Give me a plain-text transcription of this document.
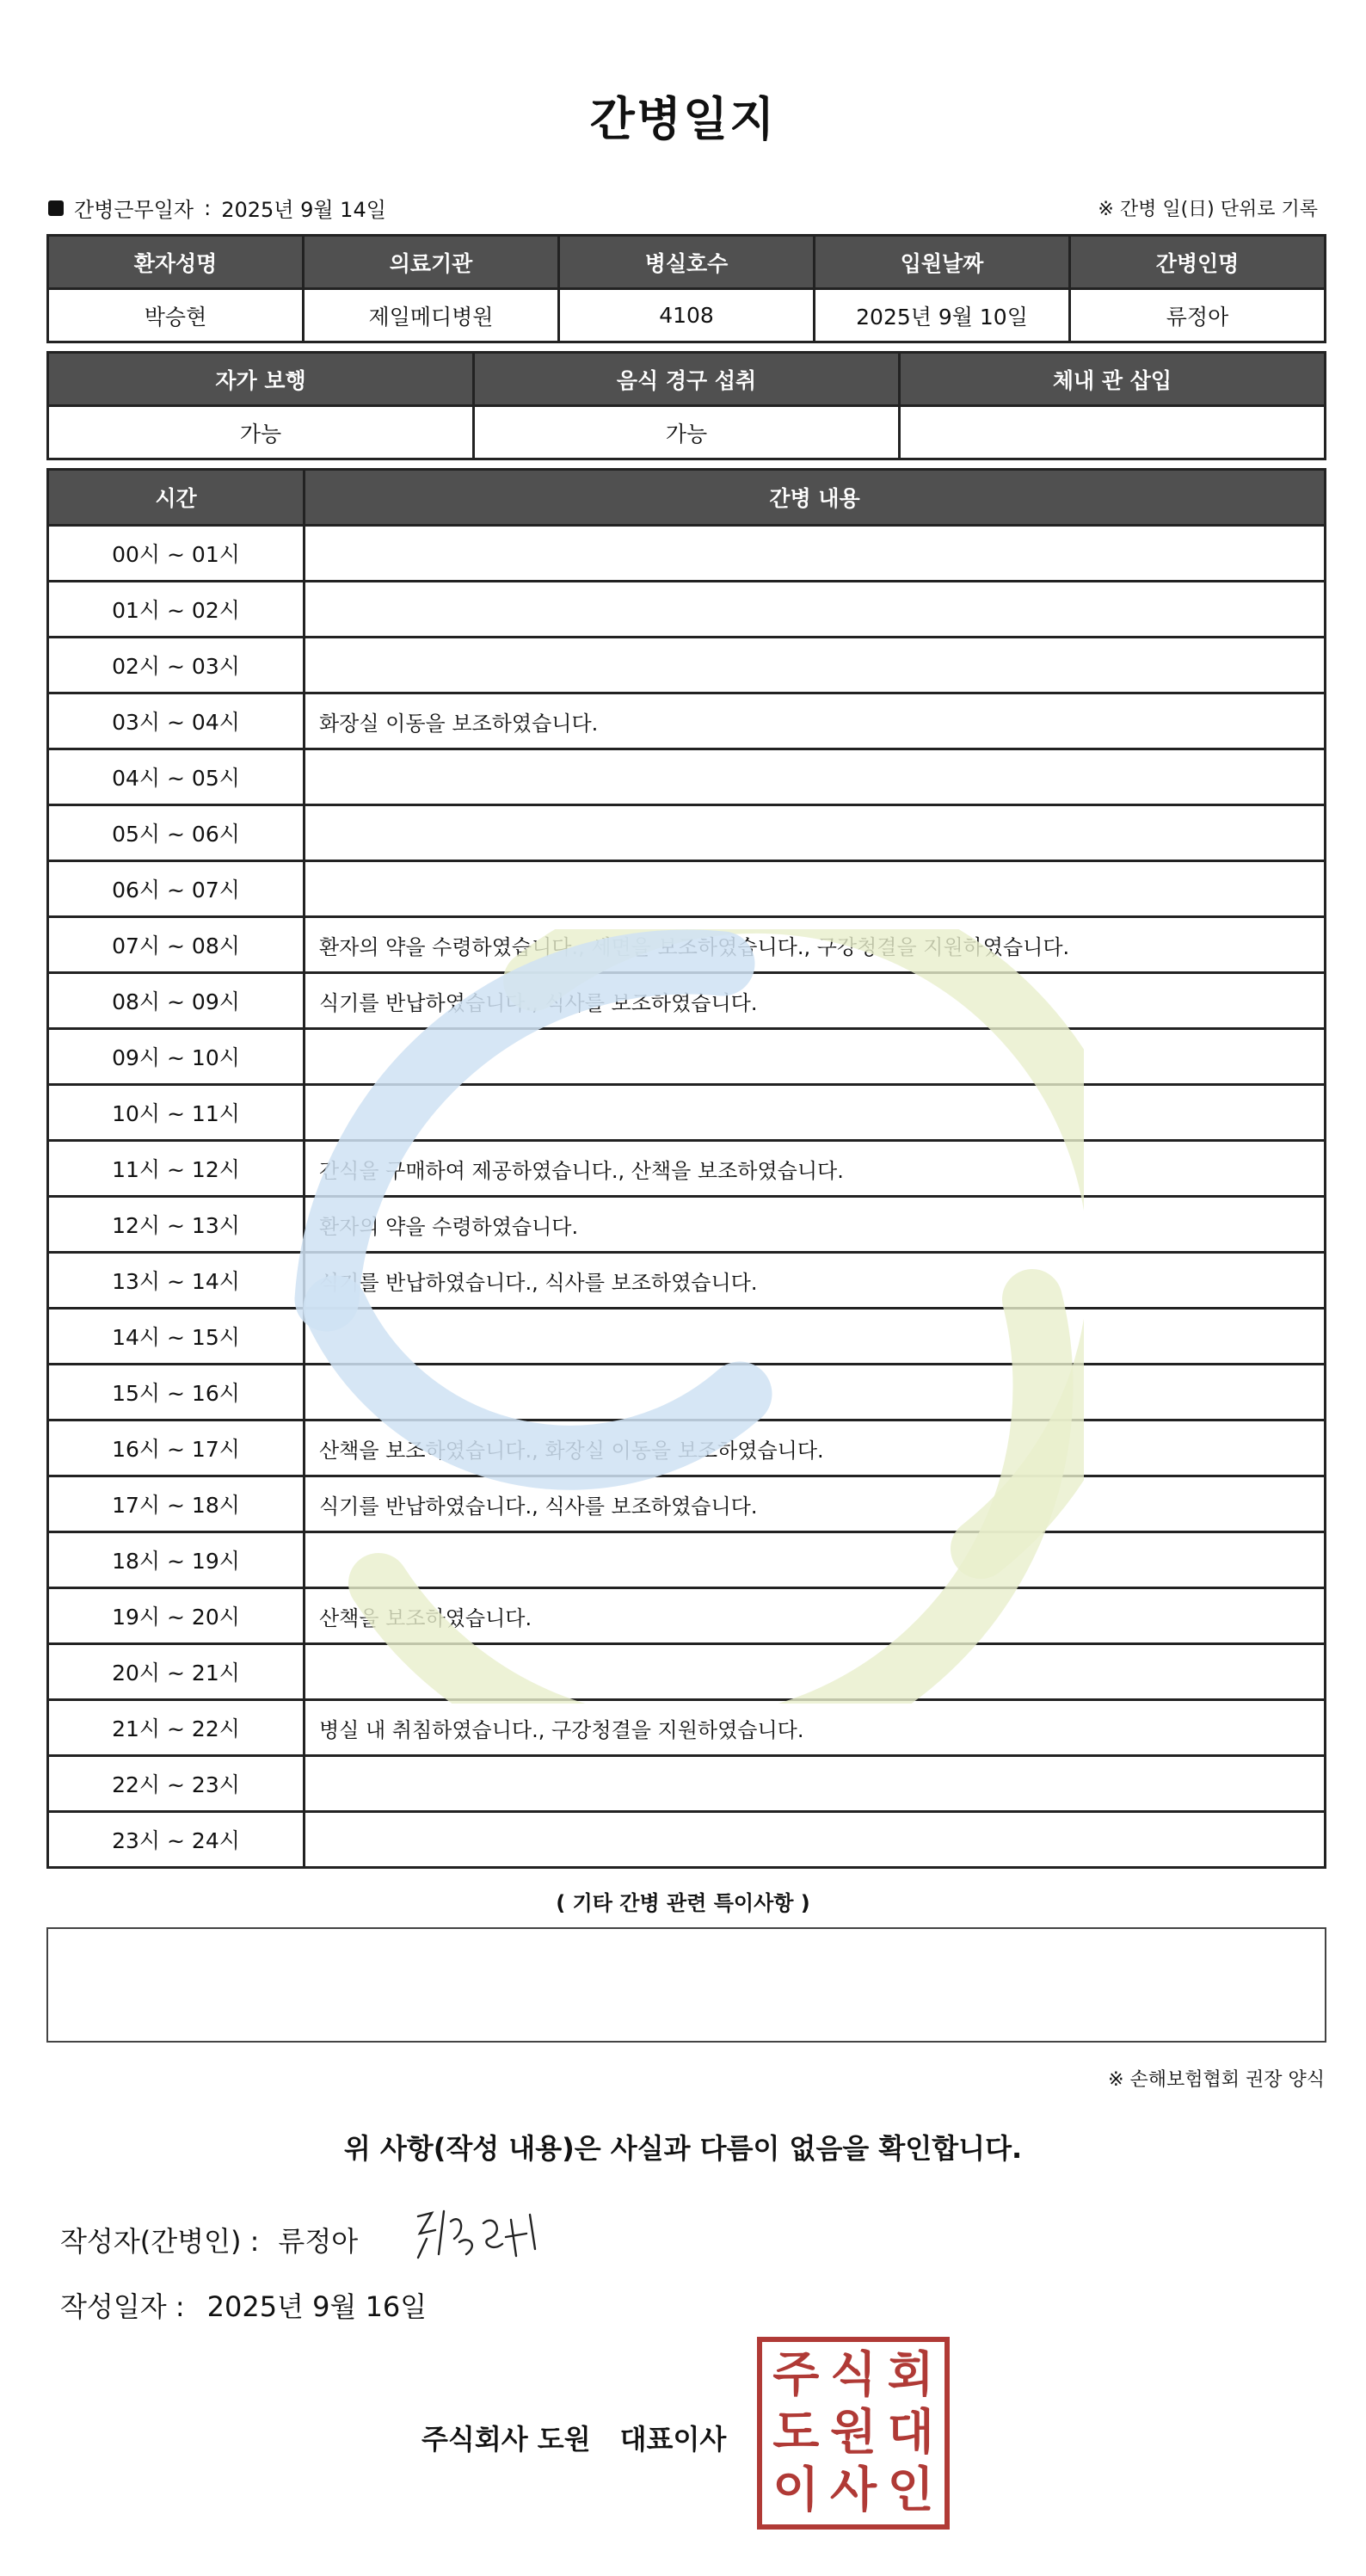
간병일지
간병근무일자 : 2025년 9월 14일	※ 간병 일(日) 단위로 기록
환자성명	의료기관	병실호수	입원날짜	간병인명
박승현	제일메디병원	4108	2025년 9월 10일	류정아
자가 보행	음식 경구 섭취	체내 관 삽입
가능	가능	
시간	간병 내용
00시 ~ 01시	
01시 ~ 02시	
02시 ~ 03시	
03시 ~ 04시	화장실 이동을 보조하였습니다.
04시 ~ 05시	
05시 ~ 06시	
06시 ~ 07시	
07시 ~ 08시	환자의 약을 수령하였습니다., 세면을 보조하였습니다., 구강청결을 지원하였습니다.
08시 ~ 09시	식기를 반납하였습니다., 식사를 보조하였습니다.
09시 ~ 10시	
10시 ~ 11시	
11시 ~ 12시	간식을 구매하여 제공하였습니다., 산책을 보조하였습니다.
12시 ~ 13시	환자의 약을 수령하였습니다.
13시 ~ 14시	식기를 반납하였습니다., 식사를 보조하였습니다.
14시 ~ 15시	
15시 ~ 16시	
16시 ~ 17시	산책을 보조하였습니다., 화장실 이동을 보조하였습니다.
17시 ~ 18시	식기를 반납하였습니다., 식사를 보조하였습니다.
18시 ~ 19시	
19시 ~ 20시	산책을 보조하였습니다.
20시 ~ 21시	
21시 ~ 22시	병실 내 취침하였습니다., 구강청결을 지원하였습니다.
22시 ~ 23시	
23시 ~ 24시	
( 기타 간병 관련 특이사항 )
※ 손해보험협회 권장 양식
위 사항(작성 내용)은 사실과 다름이 없음을 확인합니다.
작성자(간병인) : 류정아
작성일자 : 2025년 9월 16일
주식회사 도원 대표이사
주 식 회
도 원 대
이 사 인
